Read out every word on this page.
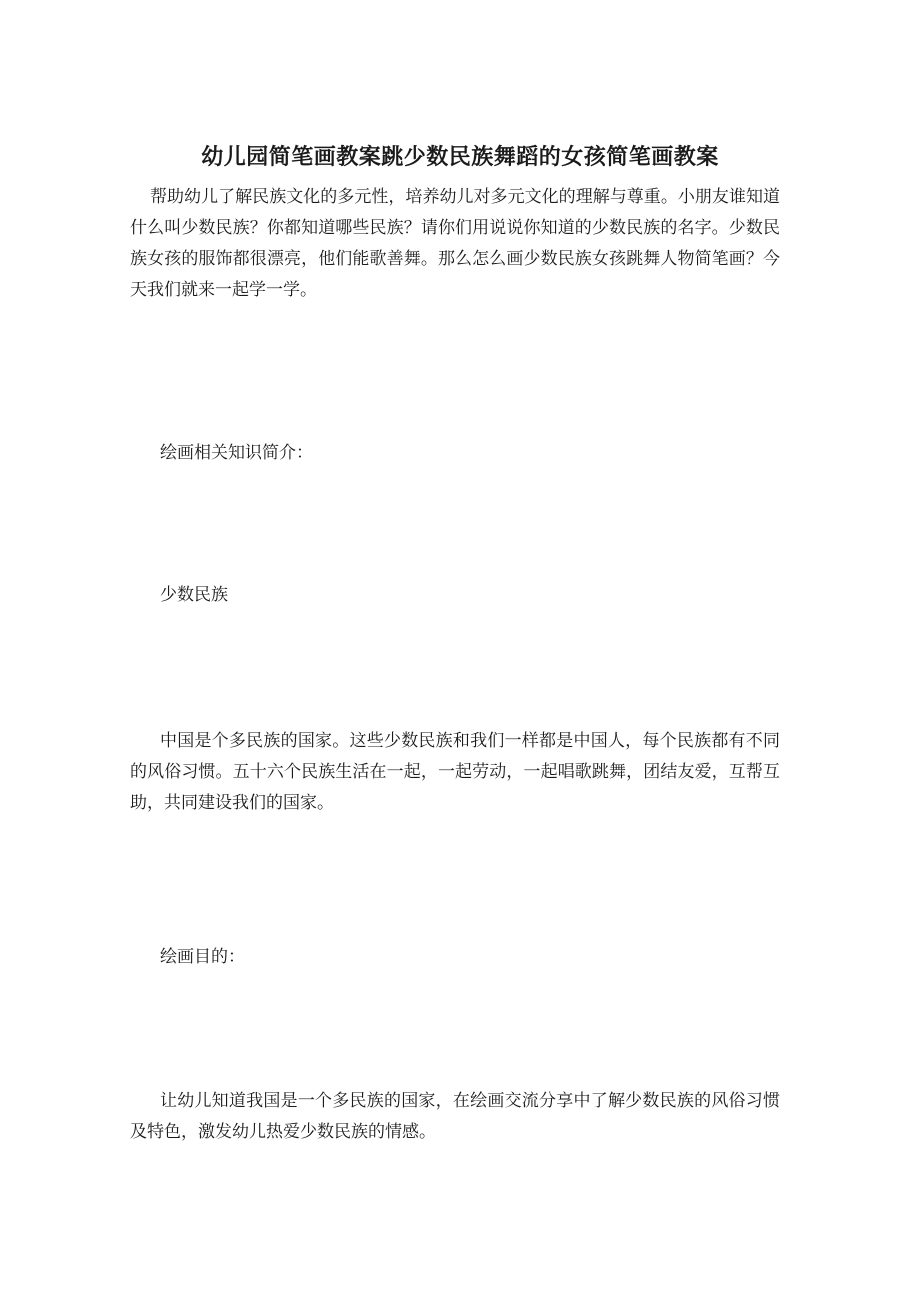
幼儿园简笔画教案跳少数民族舞蹈的女孩简笔画教案

帮助幼儿了解民族文化的多元性，培养幼儿对多元文化的理解与尊重。小朋友谁知道什么叫少数民族？你都知道哪些民族？请你们用说说你知道的少数民族的名字。少数民族女孩的服饰都很漂亮，他们能歌善舞。那么怎么画少数民族女孩跳舞人物简笔画？今天我们就来一起学一学。

绘画相关知识简介：

少数民族

中国是个多民族的国家。这些少数民族和我们一样都是中国人，每个民族都有不同的风俗习惯。五十六个民族生活在一起，一起劳动，一起唱歌跳舞，团结友爱，互帮互助，共同建设我们的国家。

绘画目的：

让幼儿知道我国是一个多民族的国家，在绘画交流分享中了解少数民族的风俗习惯及特色，激发幼儿热爱少数民族的情感。
